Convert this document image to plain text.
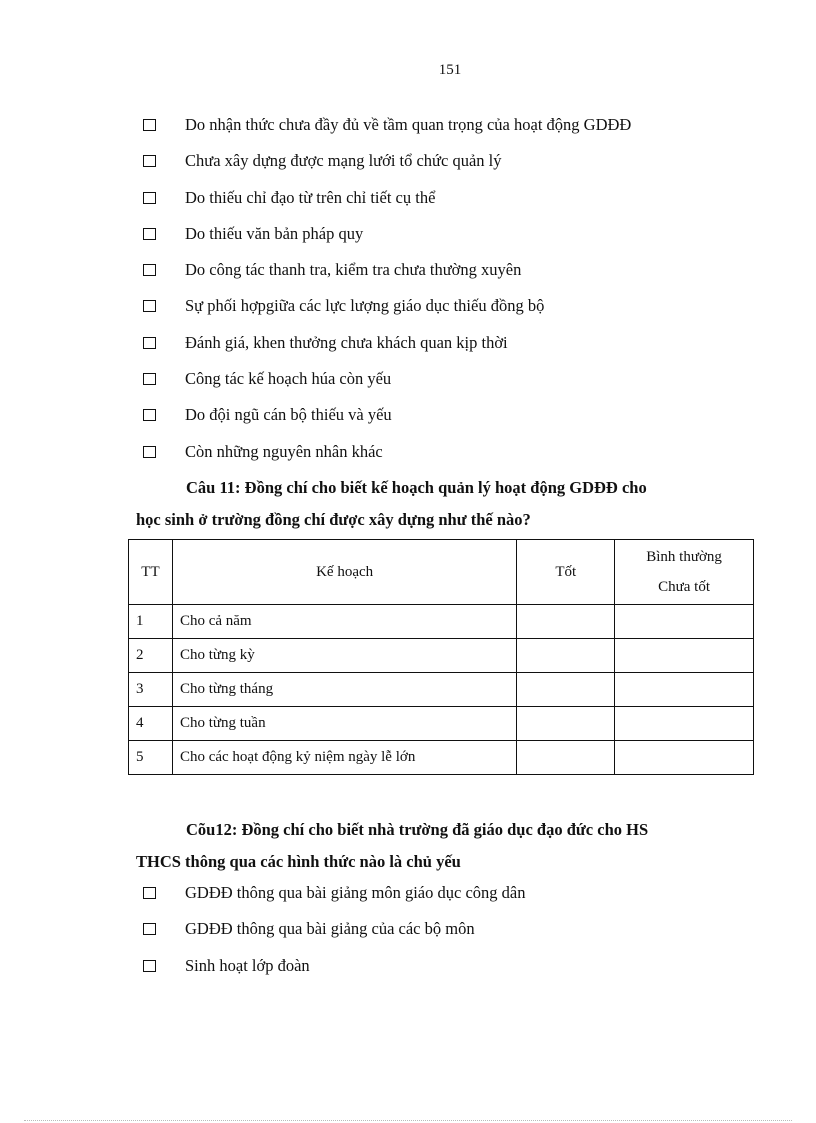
151
Do nhận thức chưa đầy đủ về tầm quan trọng của hoạt động GDĐĐ
Chưa xây dựng được mạng lưới tổ chức quản lý
Do thiếu chỉ đạo từ trên chỉ tiết cụ thể
Do thiếu văn bản pháp quy
Do công tác thanh tra, kiểm tra chưa thường xuyên
Sự phối hợpgiữa các lực lượng giáo dục thiếu đồng bộ
Đánh giá, khen thưởng chưa khách quan kịp thời
Công tác kế hoạch húa còn yếu
Do đội ngũ cán bộ thiếu và yếu
Còn những nguyên nhân khác
Câu 11: Đồng chí cho biết kế hoạch quản lý hoạt động GDĐĐ cho
học sinh ở trường đồng chí được xây dựng như thế nào?
TT	Kế hoạch	Tốt	Bình thường
Chưa tốt

1	Cho cả năm		
2	Cho từng kỳ		
3	Cho từng tháng		
4	Cho từng tuần		
5	Cho các hoạt động kỷ niệm ngày lễ lớn		
Cõu12: Đồng chí cho biết nhà trường đã giáo dục đạo đức cho HS
THCS thông qua các hình thức nào là chủ yếu
GDĐĐ thông qua bài giảng môn giáo dục công dân
GDĐĐ thông qua bài giảng của các bộ môn
Sinh hoạt lớp đoàn
